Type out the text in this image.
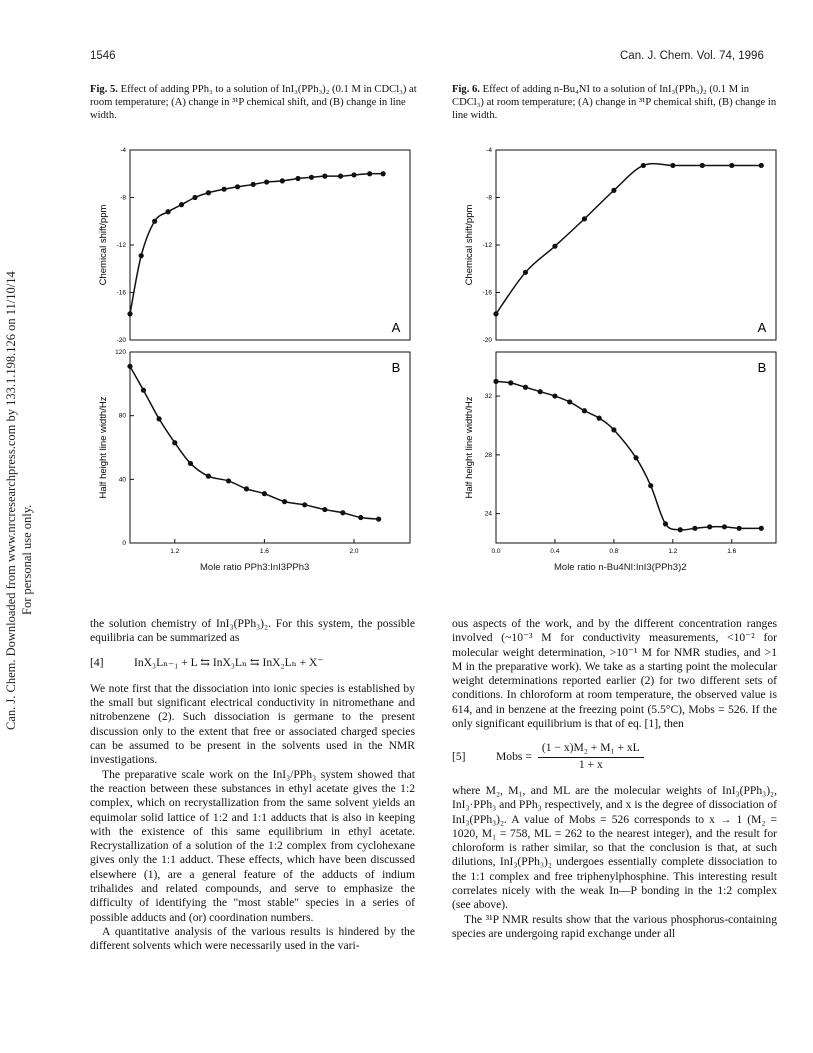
Can. J. Chem. Downloaded from www.nrcresearchpress.com by 133.1.198.126 on 11/10/14 For personal use only.
1546	Can. J. Chem. Vol. 74, 1996
Fig. 5. Effect of adding PPh₃ to a solution of InI₃(PPh₃)₂ (0.1 M in CDCl₃) at room temperature; (A) change in ³¹P chemical shift, and (B) change in line width.
Fig. 6. Effect of adding n-Bu₄NI to a solution of InI₃(PPh₃)₂ (0.1 M in CDCl₃) at room temperature; (A) change in ³¹P chemical shift, (B) change in line width.
-20
-16
-12
-8
-4
Chemical shift/ppm
A
0
40
80
120
1.2	1.6	2.0
Half height line width/Hz
B
Mole ratio PPh3:InI3PPh3
-20
-16
-12
-8
-4
Chemical shift/ppm
A
24
28
32
0.0	0.4	0.8	1.2	1.6
Half height line width/Hz
B
Mole ratio n-Bu4NI:InI3(PPh3)2

the solution chemistry of InI₃(PPh₃)₂. For this system, the possible equilibria can be summarized as

[4]	InX₃Lₙ₋₁ + L ⇆ InX₃Lₙ ⇆ InX₂Lₙ + X⁻

We note first that the dissociation into ionic species is established by the small but significant electrical conductivity in nitromethane and nitrobenzene (2). Such dissociation is germane to the present discussion only to the extent that free or associated charged species can be assumed to be present in the solvents used in the NMR investigations.

The preparative scale work on the InI₃/PPh₃ system showed that the reaction between these substances in ethyl acetate gives the 1:2 complex, which on recrystallization from the same solvent yields an equimolar solid lattice of 1:2 and 1:1 adducts that is also in keeping with the existence of this same equilibrium in ethyl acetate. Recrystallization of a solution of the 1:2 complex from cyclohexane gives only the 1:1 adduct. These effects, which have been discussed elsewhere (1), are a general feature of the adducts of indium trihalides and related compounds, and serve to emphasize the difficulty of identifying the "most stable" species in a series of possible adducts and (or) coordination numbers.

A quantitative analysis of the various results is hindered by the different solvents which were necessarily used in the vari-

ous aspects of the work, and by the different concentration ranges involved (~10⁻³ M for conductivity measurements, <10⁻² for molecular weight determination, >10⁻¹ M for NMR studies, and >1 M in the preparative work). We take as a starting point the molecular weight determinations reported earlier (2) for two different sets of conditions. In chloroform at room temperature, the observed value is 614, and in benzene at the freezing point (5.5°C), Mobs = 526. If the only significant equilibrium is that of eq. [1], then

[5]	Mobs = $\frac{\text{(1 − x)M₂ + M₁ + xL}}{1 + x}$

where M₂, M₁, and ML are the molecular weights of InI₃(PPh₃)₂, InI₃·PPh₃ and PPh₃ respectively, and x is the degree of dissociation of InI₃(PPh₃)₂. A value of Mobs = 526 corresponds to x → 1 (M₂ = 1020, M₁ = 758, ML = 262 to the nearest integer), and the result for chloroform is rather similar, so that the conclusion is that, at such dilutions, InI₃(PPh₃)₂ undergoes essentially complete dissociation to the 1:1 complex and free triphenylphosphine. This interesting result correlates nicely with the weak In—P bonding in the 1:2 complex (see above).

The ³¹P NMR results show that the various phosphorus-containing species are undergoing rapid exchange under all
